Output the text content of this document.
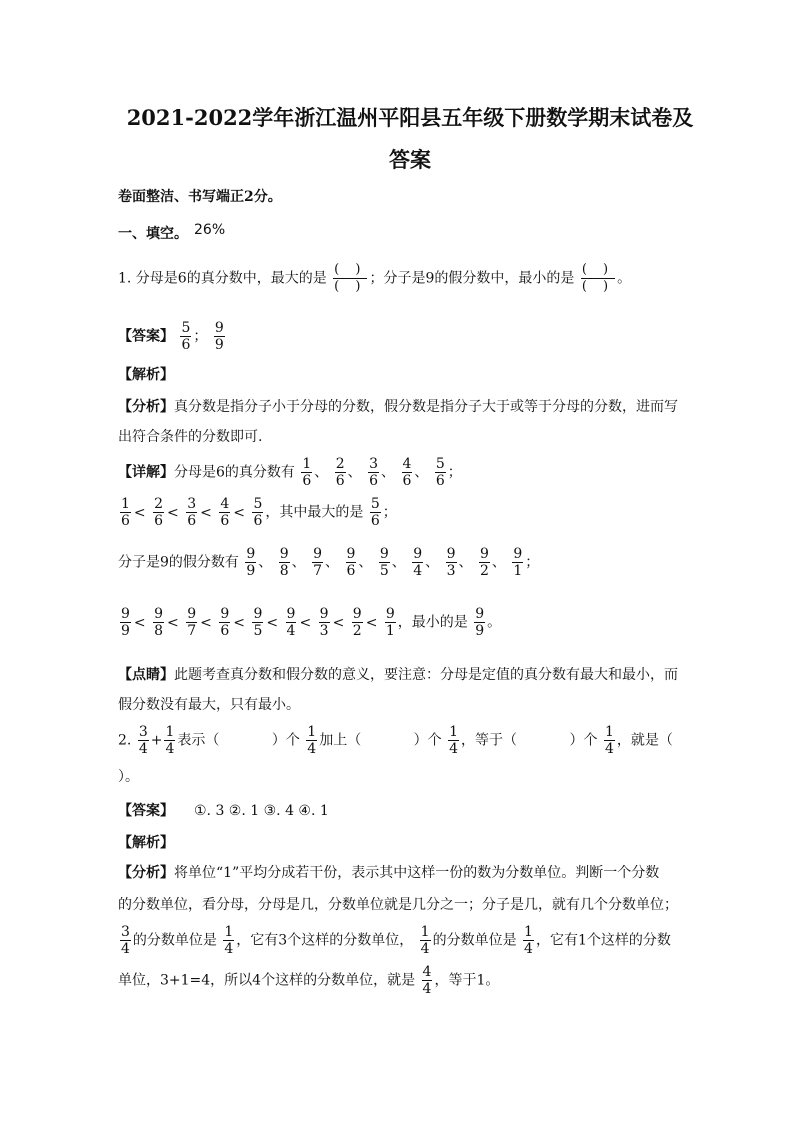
2021-2022学年浙江温州平阳县五年级下册数学期末试卷及
答案
卷面整洁、书写端正2分。
一、填空。 26%
1. 分母是6的真分数中，最大的是 $\frac{( )}{( )}$ ；分子是9的假分数中，最小的是 $\frac{( )}{( )}$ 。
【答案】 $\frac{5}{6}$ ； $\frac{9}{9}$
【解析】
【分析】真分数是指分子小于分母的分数，假分数是指分子大于或等于分母的分数，进而写
出符合条件的分数即可.
【详解】分母是6的真分数有 $\frac{1}{6}$ 、 $\frac{2}{6}$ 、 $\frac{3}{6}$ 、 $\frac{4}{6}$ 、 $\frac{5}{6}$ ；
$\frac{1}{6} < \frac{2}{6} < \frac{3}{6} < \frac{4}{6} < \frac{5}{6}$ ，其中最大的是 $\frac{5}{6}$ ；
分子是9的假分数有 $\frac{9}{9}$ 、 $\frac{9}{8}$ 、 $\frac{9}{7}$ 、 $\frac{9}{6}$ 、 $\frac{9}{5}$ 、 $\frac{9}{4}$ 、 $\frac{9}{3}$ 、 $\frac{9}{2}$ 、 $\frac{9}{1}$ ；
$\frac{9}{9} < \frac{9}{8} < \frac{9}{7} < \frac{9}{6} < \frac{9}{5} < \frac{9}{4} < \frac{9}{3} < \frac{9}{2} < \frac{9}{1}$ ，最小的是 $\frac{9}{9}$ 。
【点睛】此题考查真分数和假分数的意义，要注意：分母是定值的真分数有最大和最小，而
假分数没有最大，只有最小。
2. $\frac{3}{4} + \frac{1}{4}$ 表示（	）个 $\frac{1}{4}$ 加上（	）个 $\frac{1}{4}$ ，等于（	）个 $\frac{1}{4}$ ，就是（
）。
【答案】 ①. 3 ②. 1 ③. 4 ④. 1
【解析】
【分析】将单位“1”平均分成若干份，表示其中这样一份的数为分数单位。判断一个分数
的分数单位，看分母，分母是几，分数单位就是几分之一；分子是几，就有几个分数单位；
$\frac{3}{4}$ 的分数单位是 $\frac{1}{4}$ ，它有3个这样的分数单位， $\frac{1}{4}$ 的分数单位是 $\frac{1}{4}$ ，它有1个这样的分数
单位，3+1=4，所以4个这样的分数单位，就是 $\frac{4}{4}$ ，等于1。
